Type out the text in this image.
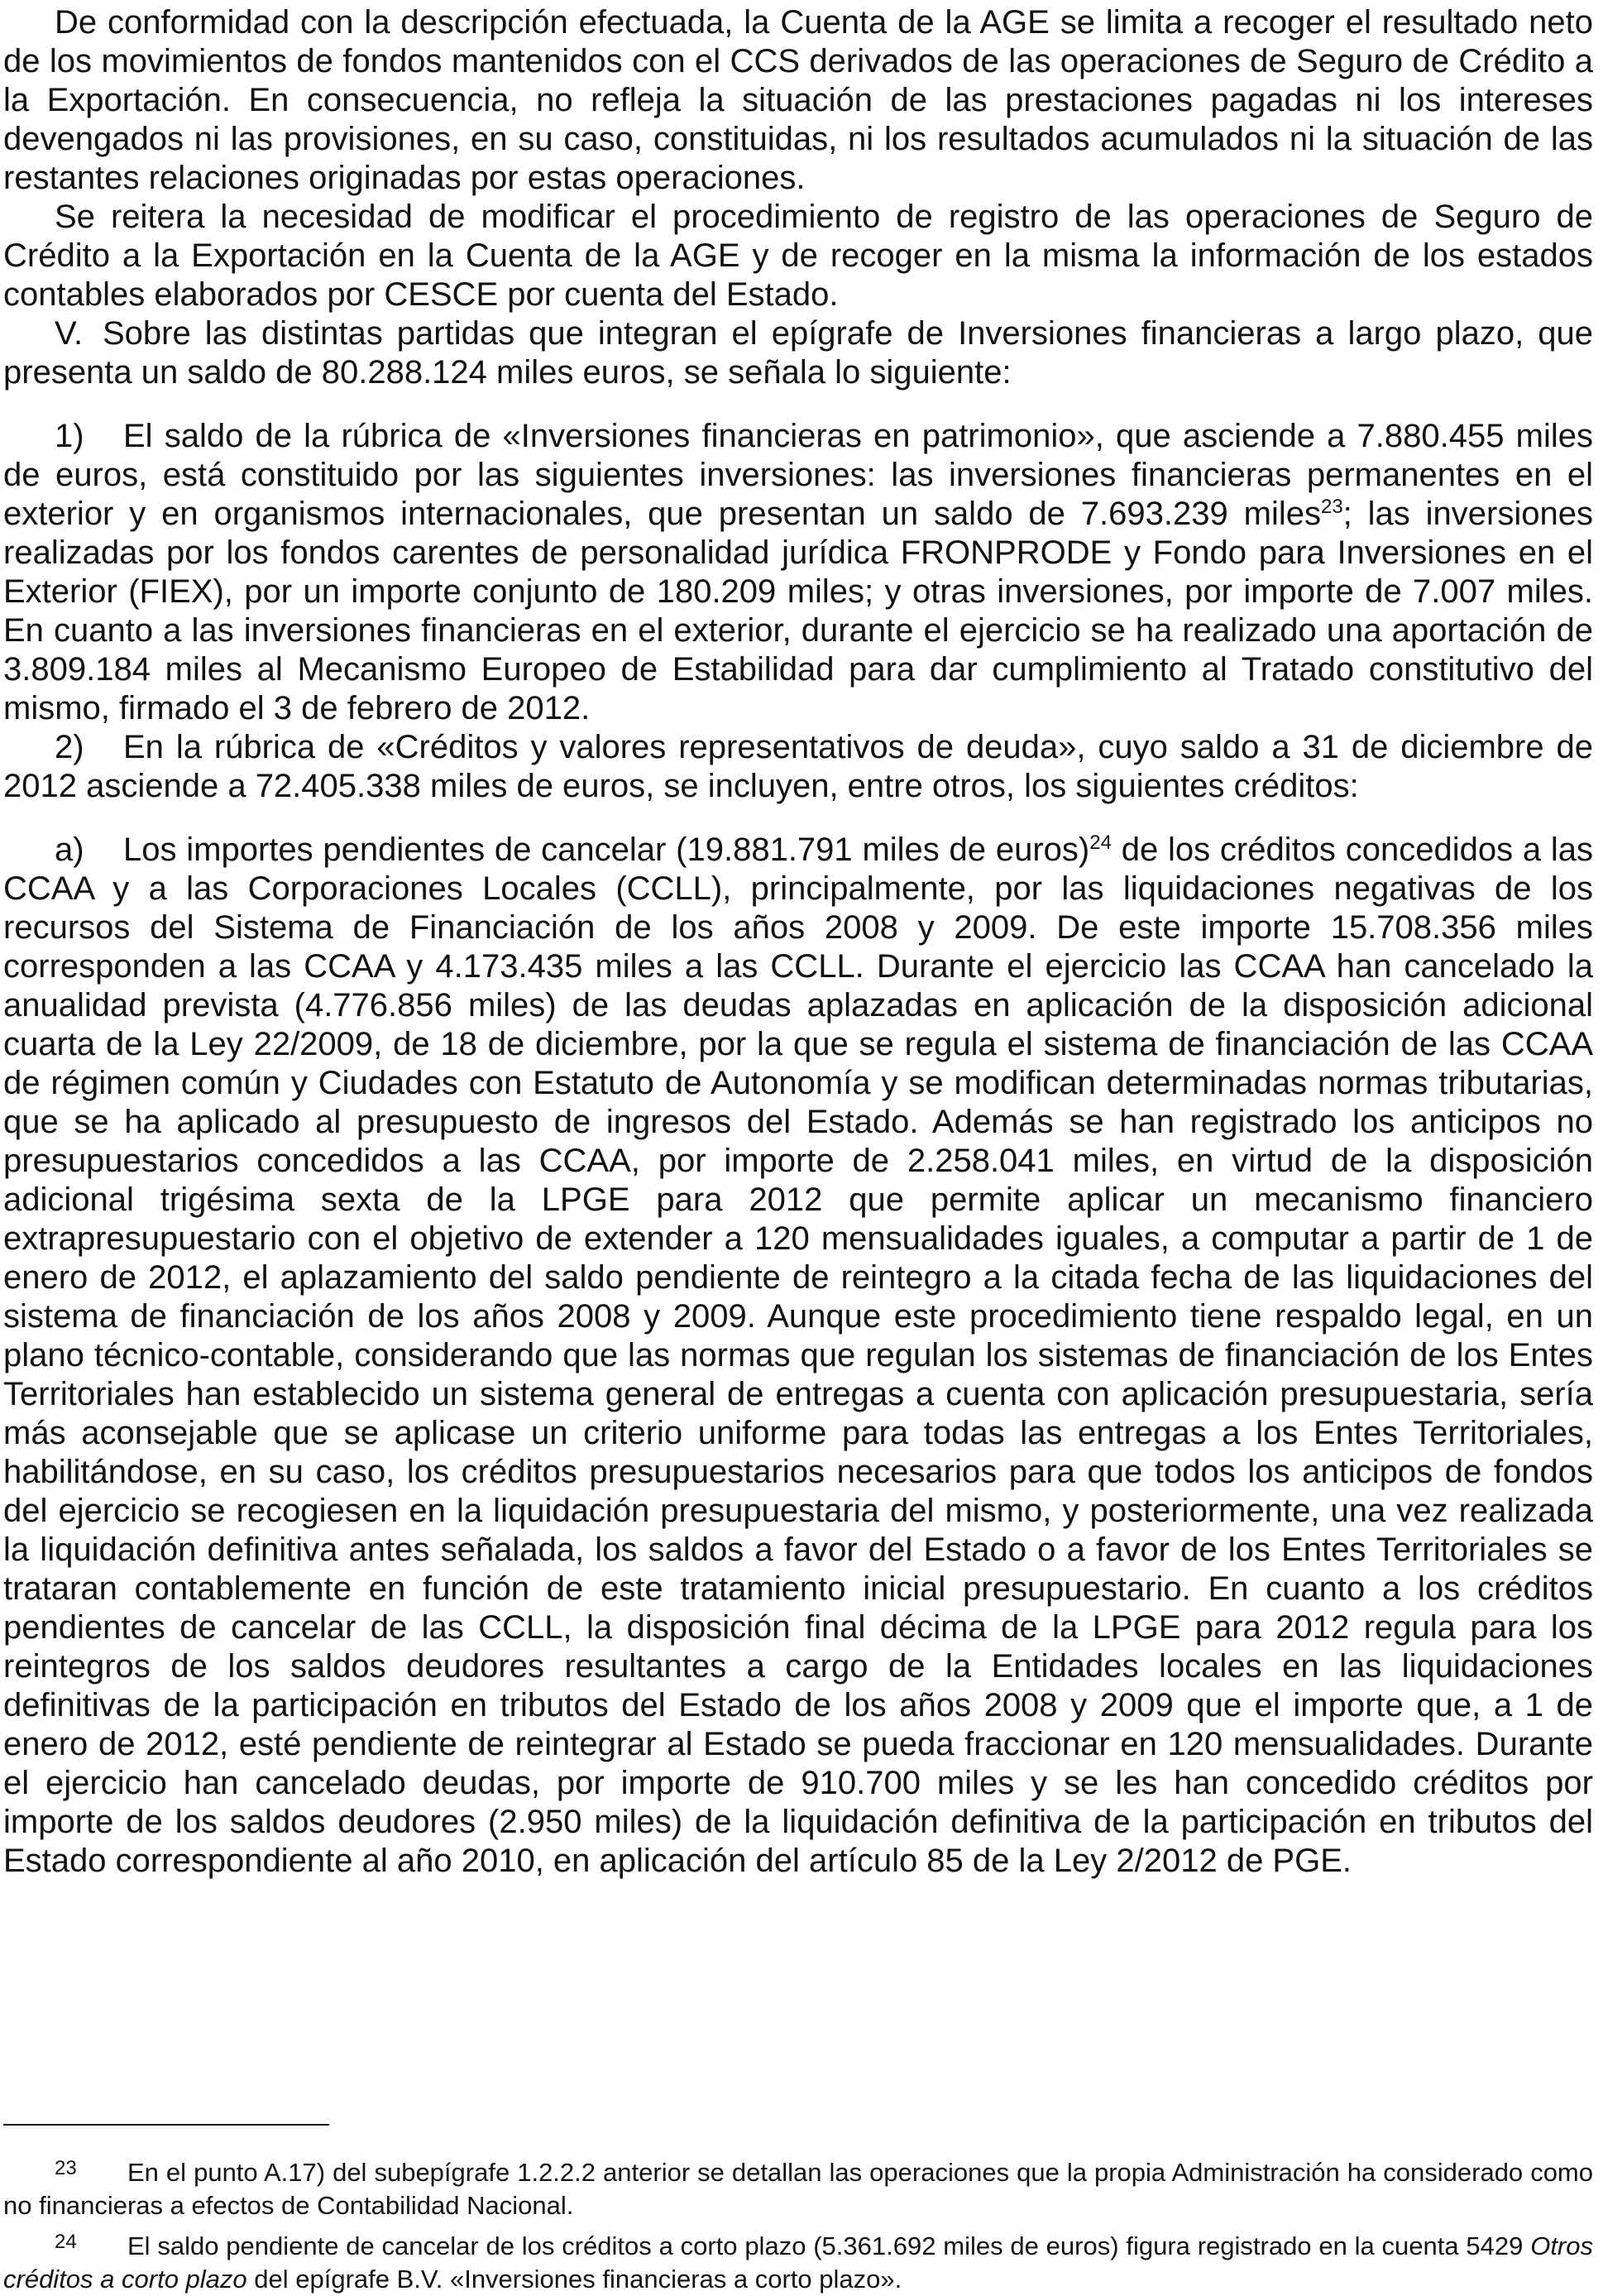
De conformidad con la descripción efectuada, la Cuenta de la AGE se limita a recoger el resultado neto de los movimientos de fondos mantenidos con el CCS derivados de las operaciones de Seguro de Crédito a la Exportación. En consecuencia, no refleja la situación de las prestaciones pagadas ni los intereses devengados ni las provisiones, en su caso, constituidas, ni los resultados acumulados ni la situación de las restantes relaciones originadas por estas operaciones.

Se reitera la necesidad de modificar el procedimiento de registro de las operaciones de Seguro de Crédito a la Exportación en la Cuenta de la AGE y de recoger en la misma la información de los estados contables elaborados por CESCE por cuenta del Estado.

V. Sobre las distintas partidas que integran el epígrafe de Inversiones financieras a largo plazo, que presenta un saldo de 80.288.124 miles euros, se señala lo siguiente:

1) El saldo de la rúbrica de «Inversiones financieras en patrimonio», que asciende a 7.880.455 miles de euros, está constituido por las siguientes inversiones: las inversiones financieras permanentes en el exterior y en organismos internacionales, que presentan un saldo de 7.693.239 miles$^{23}$; las inversiones realizadas por los fondos carentes de personalidad jurídica FRONPRODE y Fondo para Inversiones en el Exterior (FIEX), por un importe conjunto de 180.209 miles; y otras inversiones, por importe de 7.007 miles. En cuanto a las inversiones financieras en el exterior, durante el ejercicio se ha realizado una aportación de 3.809.184 miles al Mecanismo Europeo de Estabilidad para dar cumplimiento al Tratado constitutivo del mismo, firmado el 3 de febrero de 2012.

2) En la rúbrica de «Créditos y valores representativos de deuda», cuyo saldo a 31 de diciembre de 2012 asciende a 72.405.338 miles de euros, se incluyen, entre otros, los siguientes créditos:

a) Los importes pendientes de cancelar (19.881.791 miles de euros)$^{24}$ de los créditos concedidos a las CCAA y a las Corporaciones Locales (CCLL), principalmente, por las liquidaciones negativas de los recursos del Sistema de Financiación de los años 2008 y 2009. De este importe 15.708.356 miles corresponden a las CCAA y 4.173.435 miles a las CCLL. Durante el ejercicio las CCAA han cancelado la anualidad prevista (4.776.856 miles) de las deudas aplazadas en aplicación de la disposición adicional cuarta de la Ley 22/2009, de 18 de diciembre, por la que se regula el sistema de financiación de las CCAA de régimen común y Ciudades con Estatuto de Autonomía y se modifican determinadas normas tributarias, que se ha aplicado al presupuesto de ingresos del Estado. Además se han registrado los anticipos no presupuestarios concedidos a las CCAA, por importe de 2.258.041 miles, en virtud de la disposición adicional trigésima sexta de la LPGE para 2012 que permite aplicar un mecanismo financiero extrapresupuestario con el objetivo de extender a 120 mensualidades iguales, a computar a partir de 1 de enero de 2012, el aplazamiento del saldo pendiente de reintegro a la citada fecha de las liquidaciones del sistema de financiación de los años 2008 y 2009. Aunque este procedimiento tiene respaldo legal, en un plano técnico-contable, considerando que las normas que regulan los sistemas de financiación de los Entes Territoriales han establecido un sistema general de entregas a cuenta con aplicación presupuestaria, sería más aconsejable que se aplicase un criterio uniforme para todas las entregas a los Entes Territoriales, habilitándose, en su caso, los créditos presupuestarios necesarios para que todos los anticipos de fondos del ejercicio se recogiesen en la liquidación presupuestaria del mismo, y posteriormente, una vez realizada la liquidación definitiva antes señalada, los saldos a favor del Estado o a favor de los Entes Territoriales se trataran contablemente en función de este tratamiento inicial presupuestario. En cuanto a los créditos pendientes de cancelar de las CCLL, la disposición final décima de la LPGE para 2012 regula para los reintegros de los saldos deudores resultantes a cargo de la Entidades locales en las liquidaciones definitivas de la participación en tributos del Estado de los años 2008 y 2009 que el importe que, a 1 de enero de 2012, esté pendiente de reintegrar al Estado se pueda fraccionar en 120 mensualidades. Durante el ejercicio han cancelado deudas, por importe de 910.700 miles y se les han concedido créditos por importe de los saldos deudores (2.950 miles) de la liquidación definitiva de la participación en tributos del Estado correspondiente al año 2010, en aplicación del artículo 85 de la Ley 2/2012 de PGE.

23 En el punto A.17) del subepígrafe 1.2.2.2 anterior se detallan las operaciones que la propia Administración ha considerado como no financieras a efectos de Contabilidad Nacional.

24 El saldo pendiente de cancelar de los créditos a corto plazo (5.361.692 miles de euros) figura registrado en la cuenta 5429 Otros créditos a corto plazo del epígrafe B.V. «Inversiones financieras a corto plazo».
